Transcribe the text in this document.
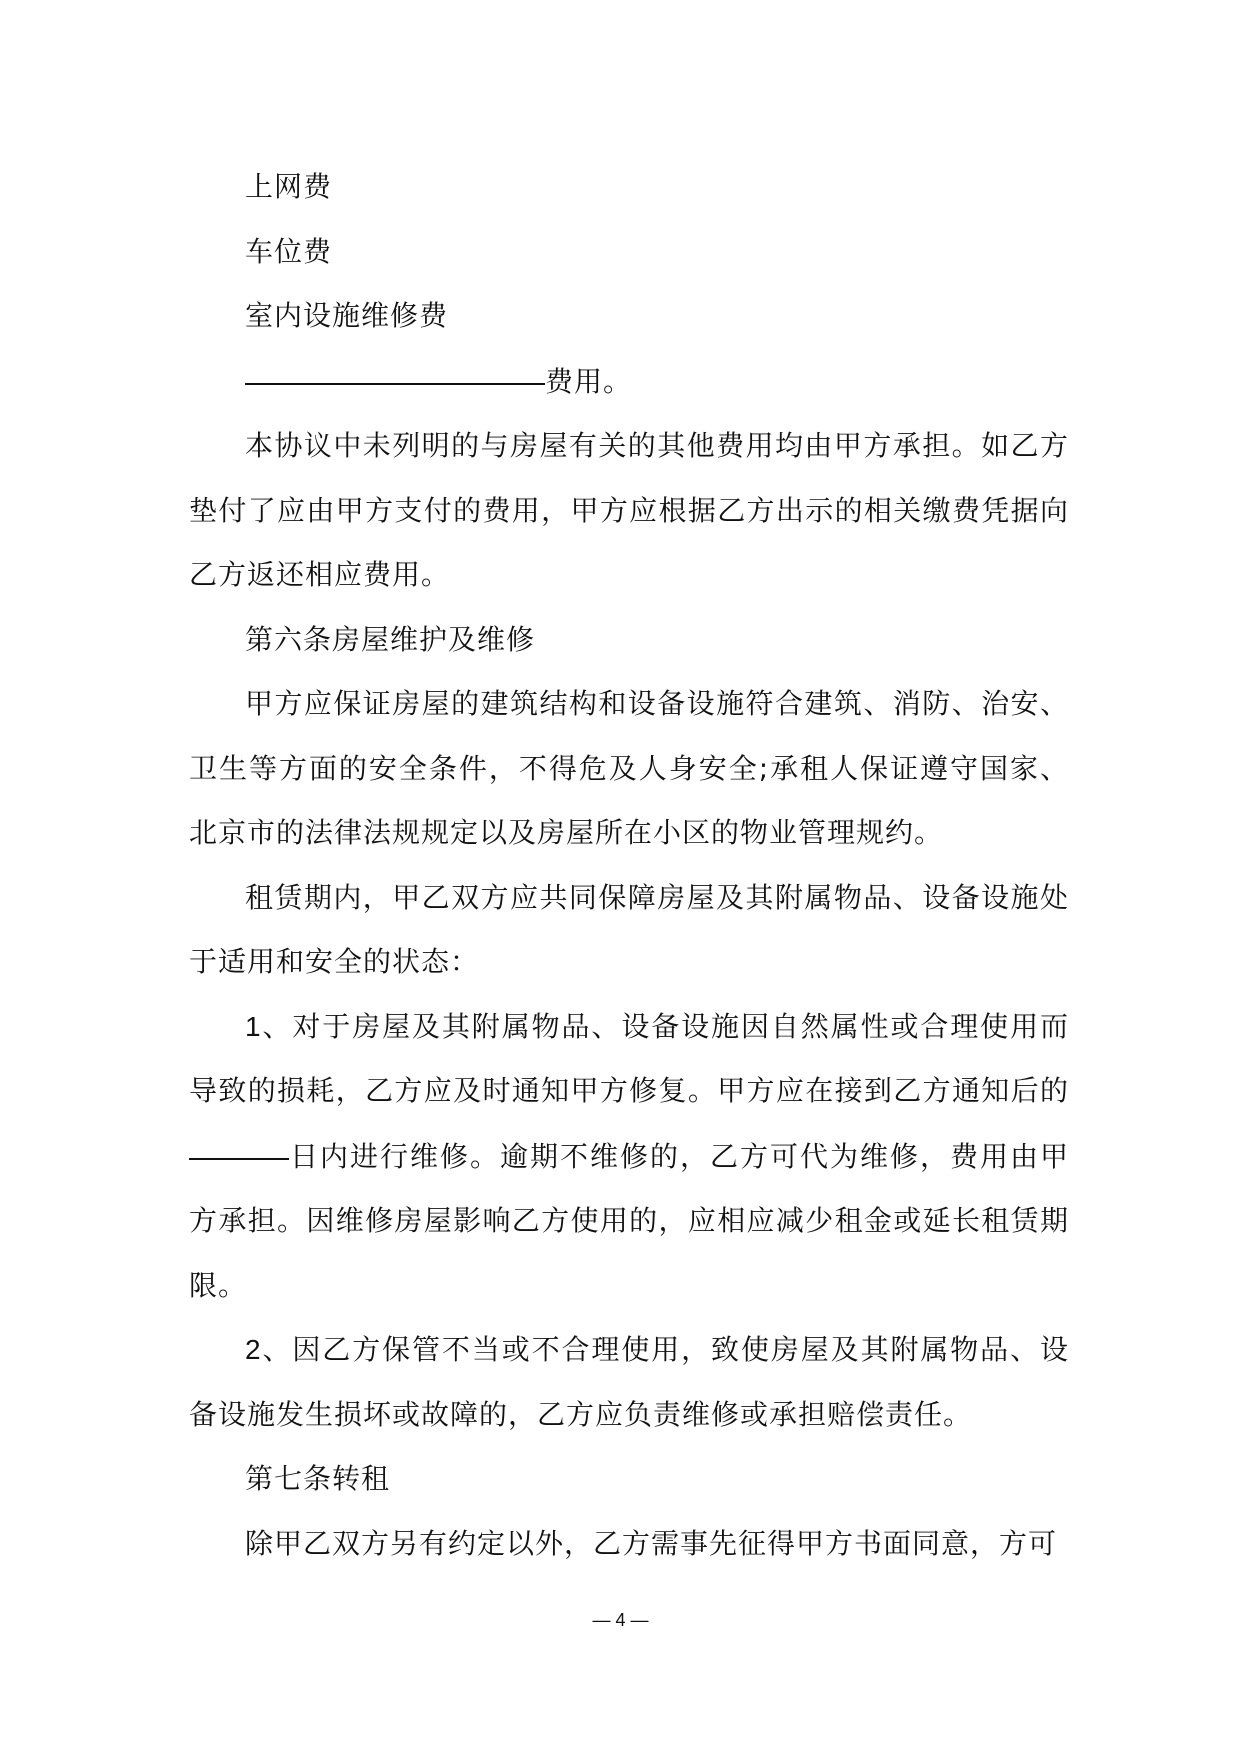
上网费

车位费

室内设施维修费

费用。

本协议中未列明的与房屋有关的其他费用均由甲方承担。如乙方垫付了应由甲方支付的费用，甲方应根据乙方出示的相关缴费凭据向乙方返还相应费用。

第六条房屋维护及维修

甲方应保证房屋的建筑结构和设备设施符合建筑、消防、治安、卫生等方面的安全条件，不得危及人身安全;承租人保证遵守国家、北京市的法律法规规定以及房屋所在小区的物业管理规约。

租赁期内，甲乙双方应共同保障房屋及其附属物品、设备设施处于适用和安全的状态：

1、对于房屋及其附属物品、设备设施因自然属性或合理使用而导致的损耗，乙方应及时通知甲方修复。甲方应在接到乙方通知后的日内进行维修。逾期不维修的，乙方可代为维修，费用由甲方承担。因维修房屋影响乙方使用的，应相应减少租金或延长租赁期限。

2、因乙方保管不当或不合理使用，致使房屋及其附属物品、设备设施发生损坏或故障的，乙方应负责维修或承担赔偿责任。

第七条转租

除甲乙双方另有约定以外，乙方需事先征得甲方书面同意，方可

— 4 —
